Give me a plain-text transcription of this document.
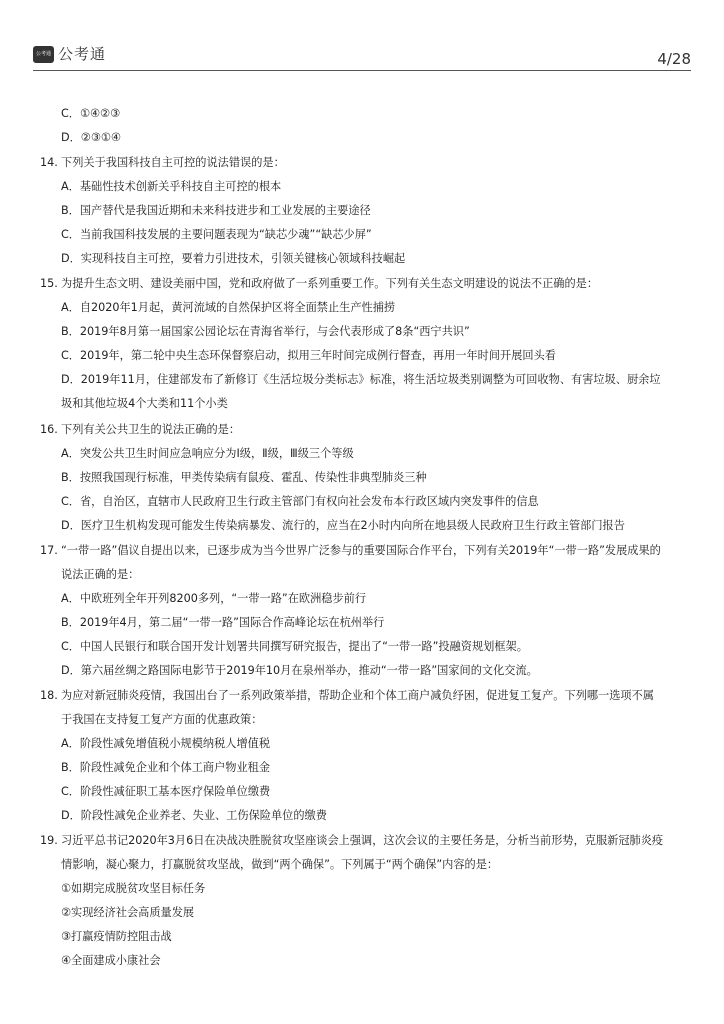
公考通 公考通	4/28
C．①④②③
D．②③①④
14. 下列关于我国科技自主可控的说法错误的是：
A．基础性技术创新关乎科技自主可控的根本
B．国产替代是我国近期和未来科技进步和工业发展的主要途径
C．当前我国科技发展的主要问题表现为“缺芯少魂”“缺芯少屏”
D．实现科技自主可控，要着力引进技术，引领关键核心领域科技崛起
15. 为提升生态文明、建设美丽中国，党和政府做了一系列重要工作。下列有关生态文明建设的说法不正确的是：
A．自2020年1月起，黄河流域的自然保护区将全面禁止生产性捕捞
B．2019年8月第一届国家公园论坛在青海省举行，与会代表形成了8条“西宁共识”
C．2019年，第二轮中央生态环保督察启动，拟用三年时间完成例行督查，再用一年时间开展回头看
D．2019年11月，住建部发布了新修订《生活垃圾分类标志》标准，将生活垃圾类别调整为可回收物、有害垃圾、厨余垃
圾和其他垃圾4个大类和11个小类
16. 下列有关公共卫生的说法正确的是：
A．突发公共卫生时间应急响应分为Ⅰ级，Ⅱ级，Ⅲ级三个等级
B．按照我国现行标准，甲类传染病有鼠疫、霍乱、传染性非典型肺炎三种
C．省，自治区，直辖市人民政府卫生行政主管部门有权向社会发布本行政区域内突发事件的信息
D．医疗卫生机构发现可能发生传染病暴发、流行的，应当在2小时内向所在地县级人民政府卫生行政主管部门报告
17. “一带一路”倡议自提出以来，已逐步成为当今世界广泛参与的重要国际合作平台，下列有关2019年“一带一路”发展成果的
说法正确的是：
A．中欧班列全年开列8200多列，“一带一路”在欧洲稳步前行
B．2019年4月，第二届“一带一路”国际合作高峰论坛在杭州举行
C．中国人民银行和联合国开发计划署共同撰写研究报告，提出了“一带一路”投融资规划框架。
D．第六届丝绸之路国际电影节于2019年10月在泉州举办，推动“一带一路”国家间的文化交流。
18. 为应对新冠肺炎疫情，我国出台了一系列政策举措，帮助企业和个体工商户减负纾困，促进复工复产。下列哪一选项不属
于我国在支持复工复产方面的优惠政策：
A．阶段性减免增值税小规模纳税人增值税
B．阶段性减免企业和个体工商户物业租金
C．阶段性减征职工基本医疗保险单位缴费
D．阶段性减免企业养老、失业、工伤保险单位的缴费
19. 习近平总书记2020年3月6日在决战决胜脱贫攻坚座谈会上强调，这次会议的主要任务是，分析当前形势，克服新冠肺炎疫
情影响，凝心聚力，打赢脱贫攻坚战，做到“两个确保”。下列属于“两个确保”内容的是：
①如期完成脱贫攻坚目标任务
②实现经济社会高质量发展
③打赢疫情防控阻击战
④全面建成小康社会
